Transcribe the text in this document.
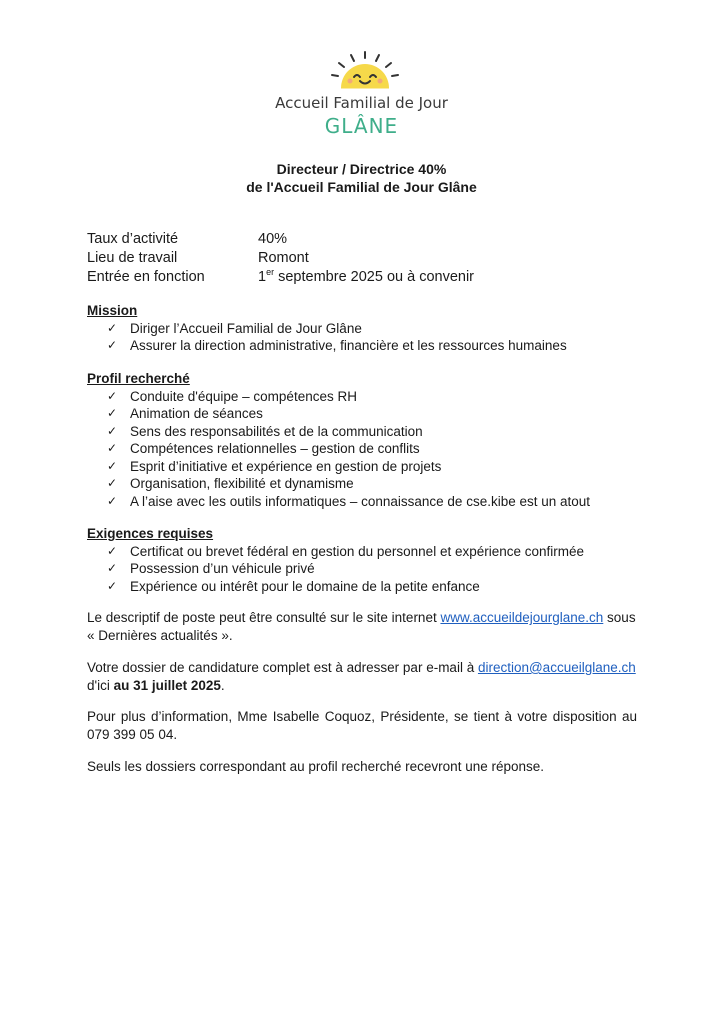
Accueil Familial de Jour
GLÂNE
Directeur / Directrice 40%
de l'Accueil Familial de Jour Glâne
Taux d’activité	40%
Lieu de travail	Romont
Entrée en fonction	1er septembre 2025 ou à convenir
Mission
✓ Diriger l’Accueil Familial de Jour Glâne
✓ Assurer la direction administrative, financière et les ressources humaines
Profil recherché
✓ Conduite d'équipe – compétences RH
✓ Animation de séances
✓ Sens des responsabilités et de la communication
✓ Compétences relationnelles – gestion de conflits
✓ Esprit d’initiative et expérience en gestion de projets
✓ Organisation, flexibilité et dynamisme
✓ A l’aise avec les outils informatiques – connaissance de cse.kibe est un atout
Exigences requises
✓ Certificat ou brevet fédéral en gestion du personnel et expérience confirmée
✓ Possession d’un véhicule privé
✓ Expérience ou intérêt pour le domaine de la petite enfance
Le descriptif de poste peut être consulté sur le site internet www.accueildejourglane.ch sous « Dernières actualités ».
Votre dossier de candidature complet est à adresser par e-mail à direction@accueilglane.ch d'ici au 31 juillet 2025.
Pour plus d’information, Mme Isabelle Coquoz, Présidente, se tient à votre disposition au 079 399 05 04.
Seuls les dossiers correspondant au profil recherché recevront une réponse.
